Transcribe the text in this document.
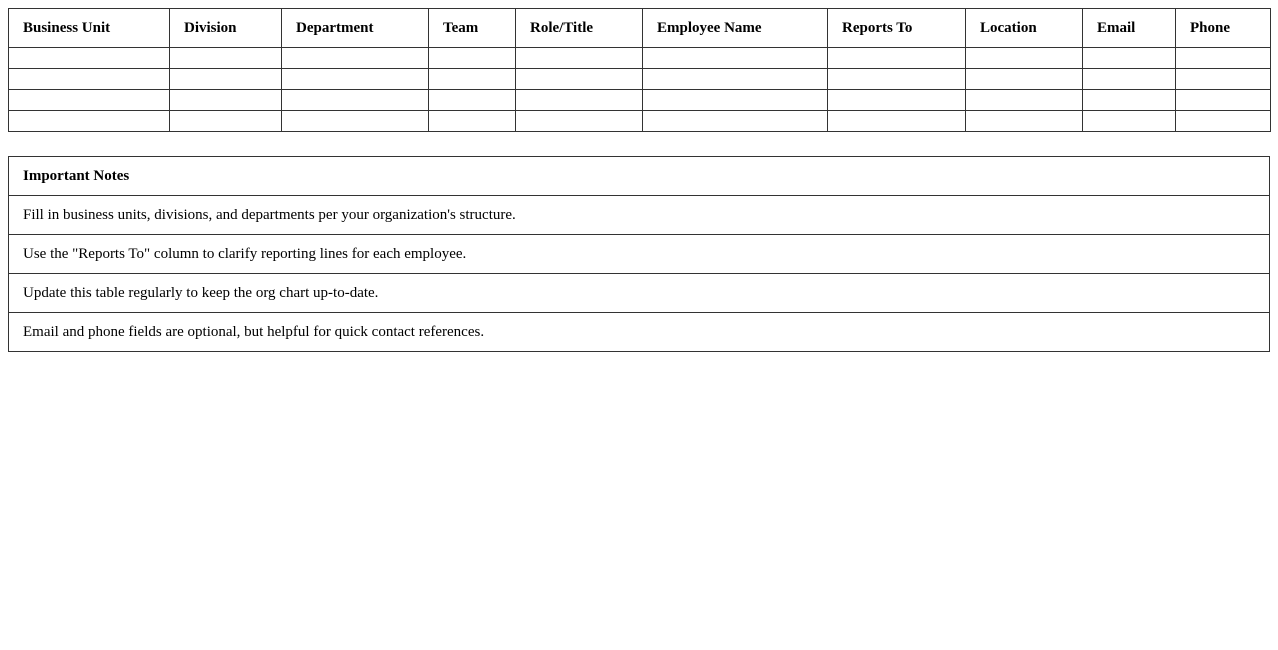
Business Unit	Division	Department	Team	Role/Title	Employee Name	Reports To	Location	Email	Phone

Important Notes
Fill in business units, divisions, and departments per your organization's structure.
Use the "Reports To" column to clarify reporting lines for each employee.
Update this table regularly to keep the org chart up-to-date.
Email and phone fields are optional, but helpful for quick contact references.
